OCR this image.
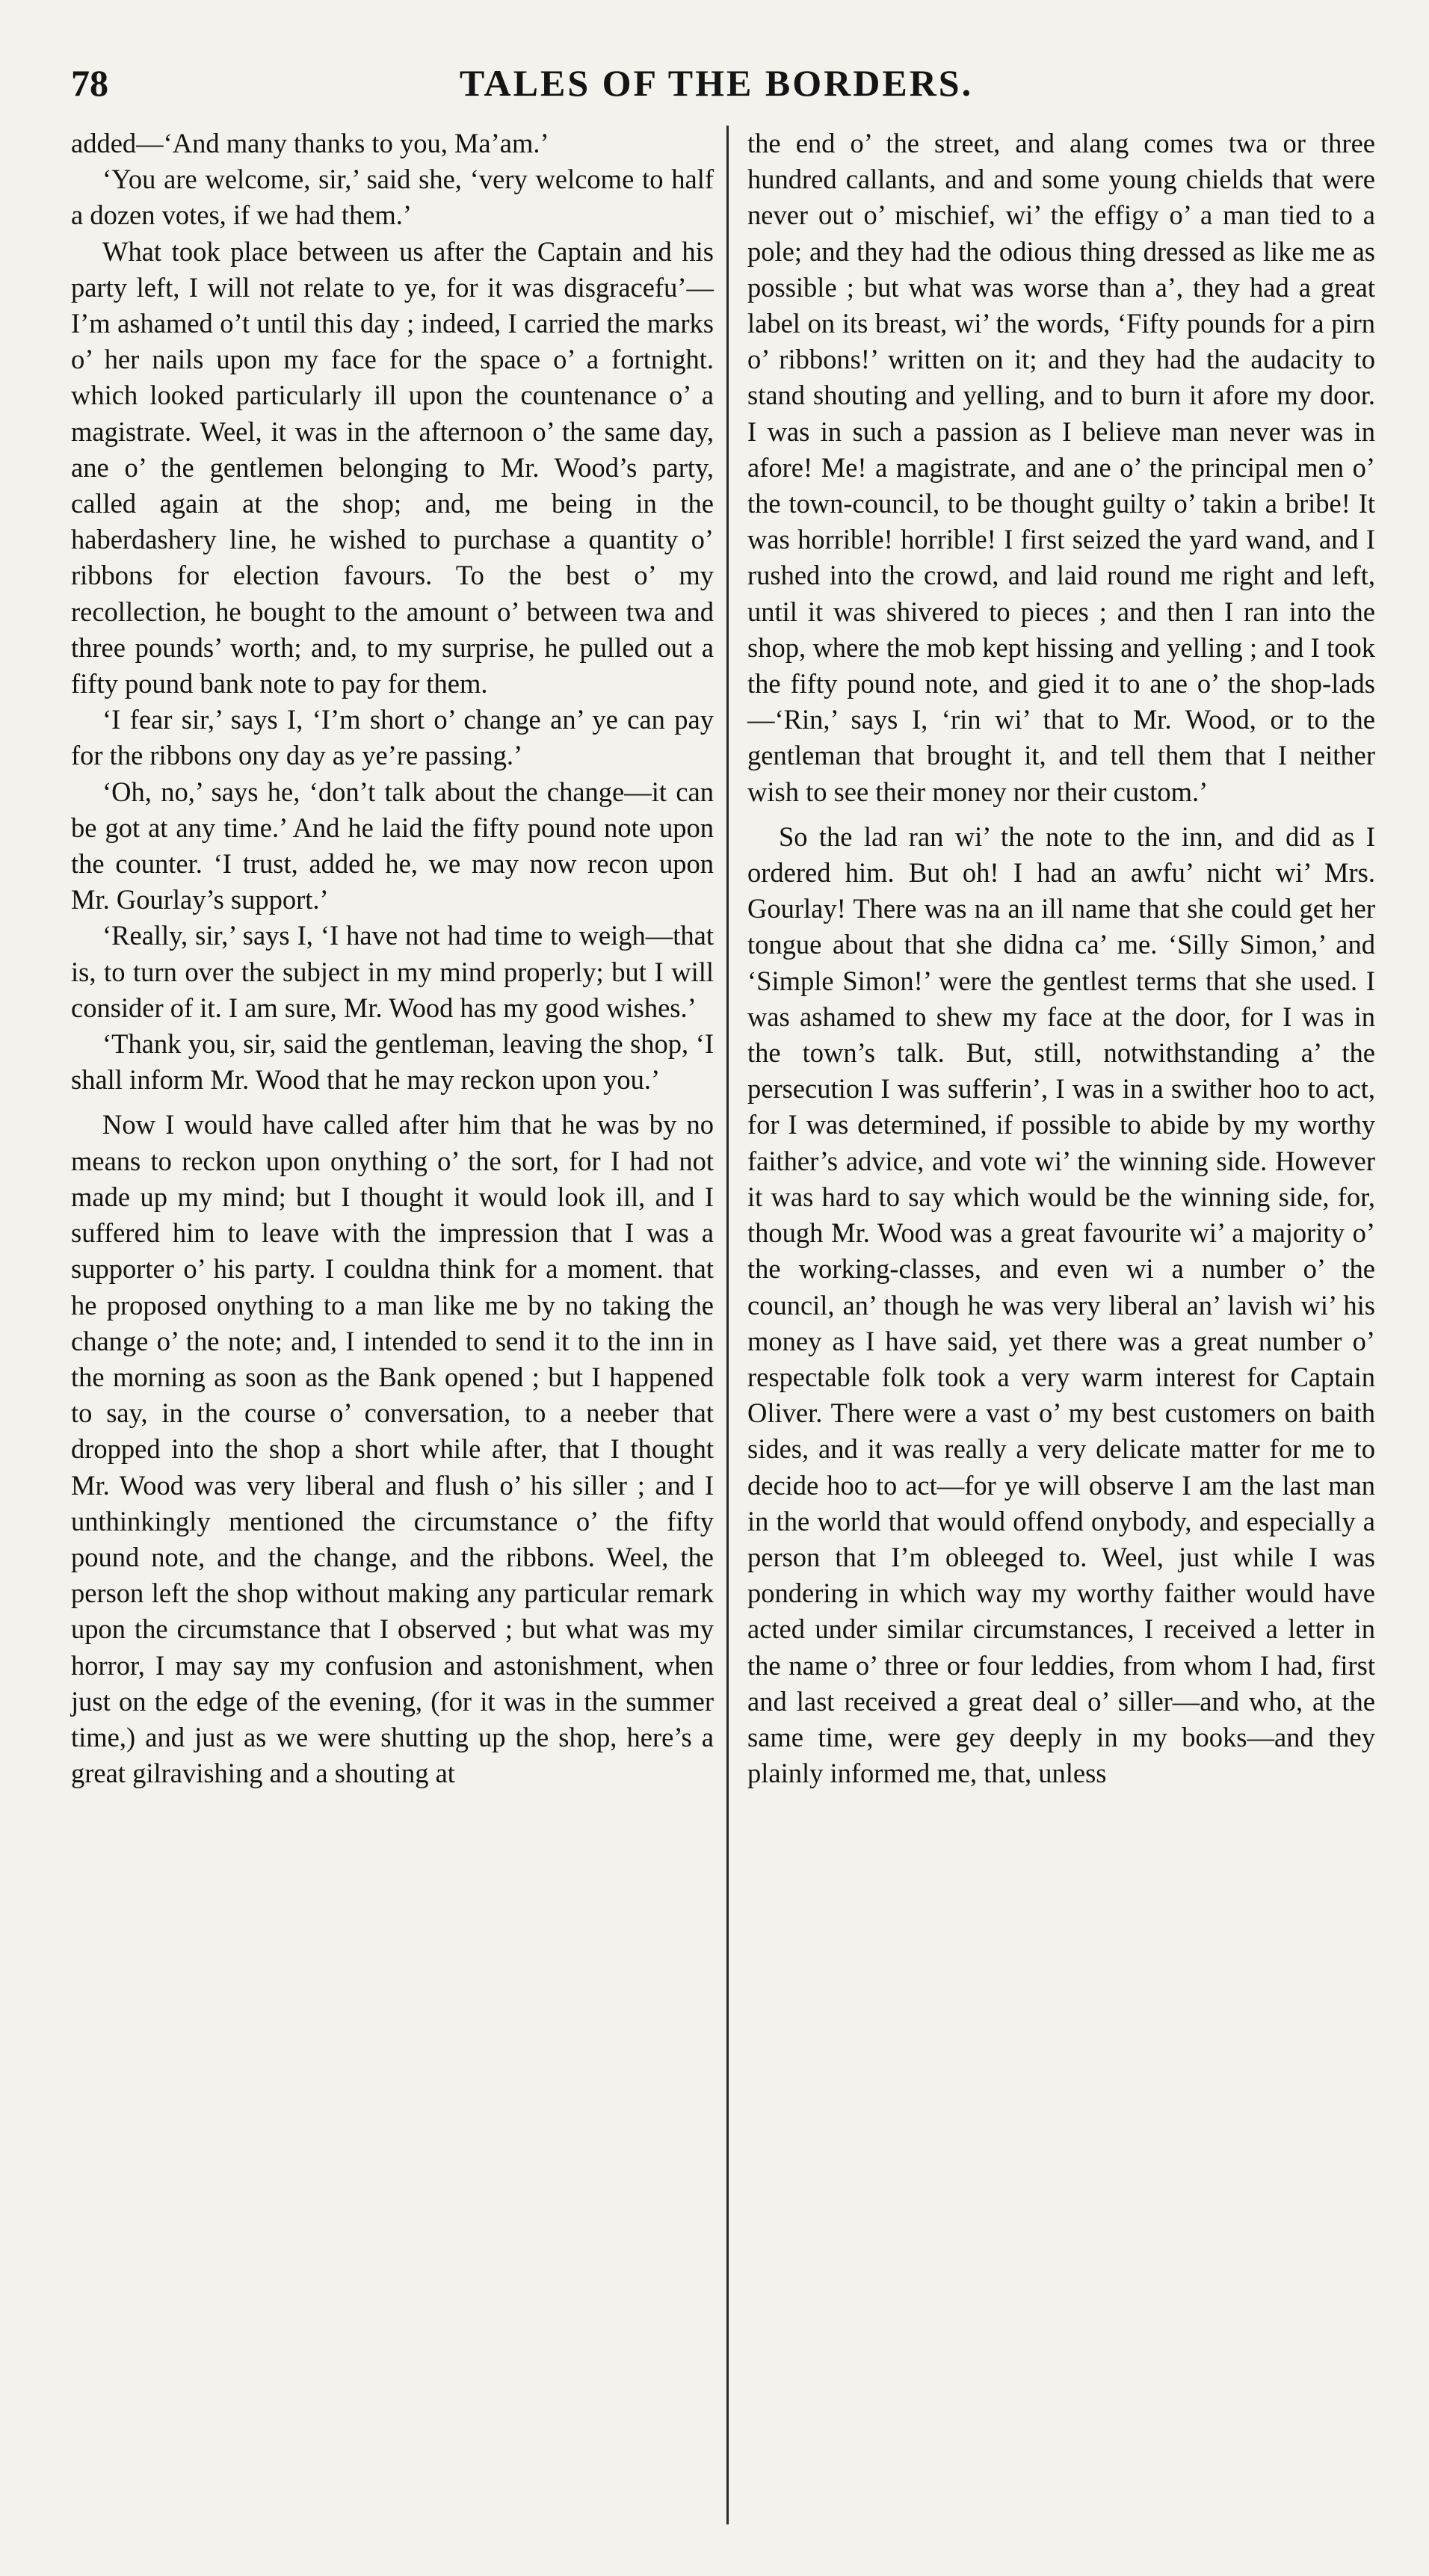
78	TALES OF THE BORDERS.

added—‘And many thanks to you, Ma’am.’

‘You are welcome, sir,’ said she, ‘very welcome to half a dozen votes, if we had them.’

What took place between us after the Captain and his party left, I will not relate to ye, for it was disgracefu’—I’m ashamed o’t until this day ; indeed, I carried the marks o’ her nails upon my face for the space o’ a fortnight. which looked particularly ill upon the countenance o’ a magistrate. Weel, it was in the afternoon o’ the same day, ane o’ the gentlemen belonging to Mr. Wood’s party, called again at the shop; and, me being in the haberdashery line, he wished to purchase a quantity o’ ribbons for election favours. To the best o’ my recollection, he bought to the amount o’ between twa and three pounds’ worth; and, to my surprise, he pulled out a fifty pound bank note to pay for them.

‘I fear sir,’ says I, ‘I’m short o’ change an’ ye can pay for the ribbons ony day as ye’re passing.’

‘Oh, no,’ says he, ‘don’t talk about the change—it can be got at any time.’ And he laid the fifty pound note upon the counter. ‘I trust, added he, we may now recon upon Mr. Gourlay’s support.’

‘Really, sir,’ says I, ‘I have not had time to weigh—that is, to turn over the subject in my mind properly; but I will consider of it. I am sure, Mr. Wood has my good wishes.’

‘Thank you, sir, said the gentleman, leaving the shop, ‘I shall inform Mr. Wood that he may reckon upon you.’

Now I would have called after him that he was by no means to reckon upon onything o’ the sort, for I had not made up my mind; but I thought it would look ill, and I suffered him to leave with the impression that I was a supporter o’ his party. I couldna think for a moment. that he proposed onything to a man like me by no taking the change o’ the note; and, I intended to send it to the inn in the morning as soon as the Bank opened ; but I happened to say, in the course o’ conversation, to a neeber that dropped into the shop a short while after, that I thought Mr. Wood was very liberal and flush o’ his siller ; and I unthinkingly mentioned the circumstance o’ the fifty pound note, and the change, and the ribbons. Weel, the person left the shop without making any particular remark upon the circumstance that I observed ; but what was my horror, I may say my confusion and astonishment, when just on the edge of the evening, (for it was in the summer time,) and just as we were shutting up the shop, here’s a great gilravishing and a shouting at

the end o’ the street, and alang comes twa or three hundred callants, and and some young chields that were never out o’ mischief, wi’ the effigy o’ a man tied to a pole; and they had the odious thing dressed as like me as possible ; but what was worse than a’, they had a great label on its breast, wi’ the words, ‘Fifty pounds for a pirn o’ ribbons!’ written on it; and they had the audacity to stand shouting and yelling, and to burn it afore my door. I was in such a passion as I believe man never was in afore! Me! a magistrate, and ane o’ the principal men o’ the town-council, to be thought guilty o’ takin a bribe! It was horrible! horrible! I first seized the yard wand, and I rushed into the crowd, and laid round me right and left, until it was shivered to pieces ; and then I ran into the shop, where the mob kept hissing and yelling ; and I took the fifty pound note, and gied it to ane o’ the shop-lads—‘Rin,’ says I, ‘rin wi’ that to Mr. Wood, or to the gentleman that brought it, and tell them that I neither wish to see their money nor their custom.’

So the lad ran wi’ the note to the inn, and did as I ordered him. But oh! I had an awfu’ nicht wi’ Mrs. Gourlay! There was na an ill name that she could get her tongue about that she didna ca’ me. ‘Silly Simon,’ and ‘Simple Simon!’ were the gentlest terms that she used. I was ashamed to shew my face at the door, for I was in the town’s talk. But, still, notwithstanding a’ the persecution I was sufferin’, I was in a swither hoo to act, for I was determined, if possible to abide by my worthy faither’s advice, and vote wi’ the winning side. However it was hard to say which would be the winning side, for, though Mr. Wood was a great favourite wi’ a majority o’ the working-classes, and even wi a number o’ the council, an’ though he was very liberal an’ lavish wi’ his money as I have said, yet there was a great number o’ respectable folk took a very warm interest for Captain Oliver. There were a vast o’ my best customers on baith sides, and it was really a very delicate matter for me to decide hoo to act—for ye will observe I am the last man in the world that would offend onybody, and especially a person that I’m obleeged to. Weel, just while I was pondering in which way my worthy faither would have acted under similar circumstances, I received a letter in the name o’ three or four leddies, from whom I had, first and last received a great deal o’ siller—and who, at the same time, were gey deeply in my books—and they plainly informed me, that, unless
